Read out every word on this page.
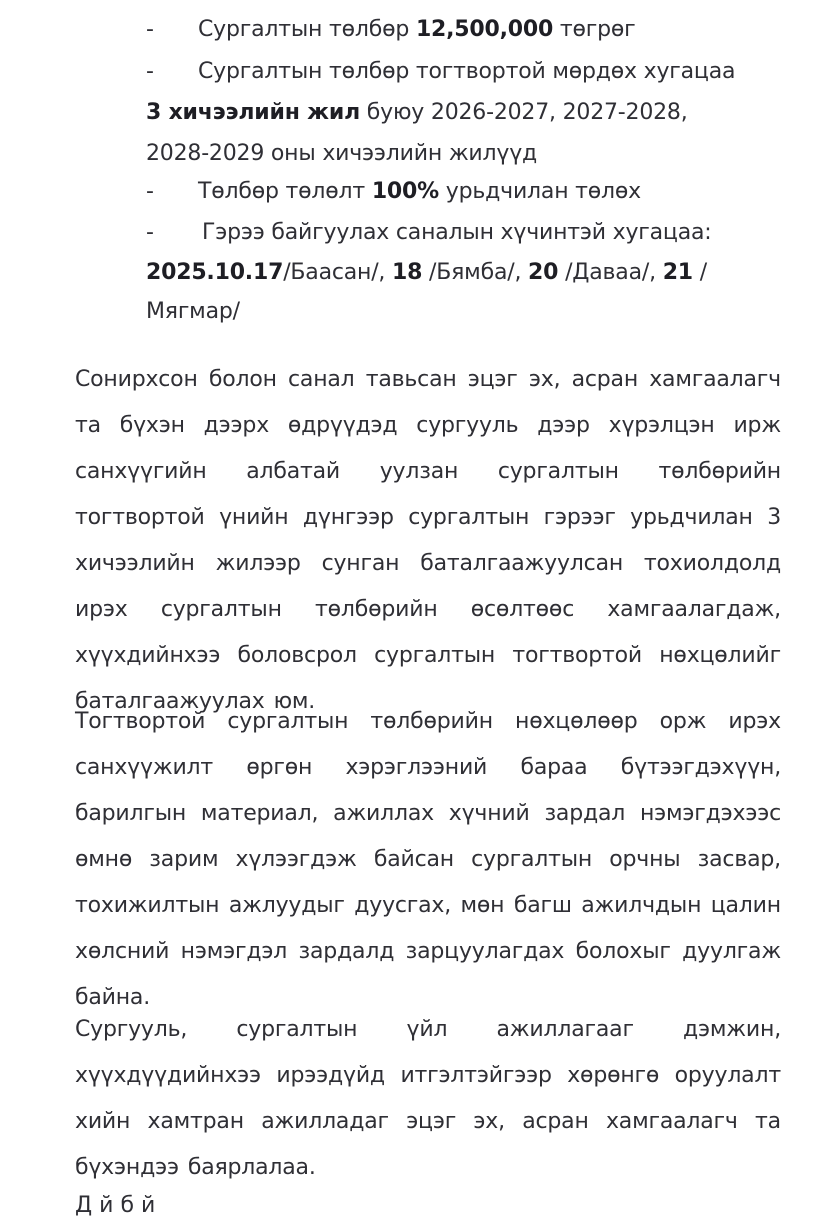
- Сургалтын төлбөр 12,500,000 төгрөг
- Сургалтын төлбөр тогтвортой мөрдөх хугацаа
3 хичээлийн жил буюу 2026-2027, 2027-2028,
2028-2029 оны хичээлийн жилүүд
- Төлбөр төлөлт 100% урьдчилан төлөх
- Гэрээ байгуулах саналын хүчинтэй хугацаа:
2025.10.17/Баасан/, 18 /Бямба/, 20 /Даваа/, 21 /
Мягмар/
Сонирхсон болон санал тавьсан эцэг эх, асран хамгаалагч
та бүхэн дээрх өдрүүдэд сургууль дээр хүрэлцэн ирж
санхүүгийн албатай уулзан сургалтын төлбөрийн
тогтвортой үнийн дүнгээр сургалтын гэрээг урьдчилан 3
хичээлийн жилээр сунган баталгаажуулсан тохиолдолд
ирэх сургалтын төлбөрийн өсөлтөөс хамгаалагдаж,
хүүхдийнхээ боловсрол сургалтын тогтвортой нөхцөлийг
баталгаажуулах юм.
Тогтвортой сургалтын төлбөрийн нөхцөлөөр орж ирэх
санхүүжилт өргөн хэрэглээний бараа бүтээгдэхүүн,
барилгын материал, ажиллах хүчний зардал нэмэгдэхээс
өмнө зарим хүлээгдэж байсан сургалтын орчны засвар,
тохижилтын ажлуудыг дуусгах, мөн багш ажилчдын цалин
хөлсний нэмэгдэл зардалд зарцуулагдах болохыг дуулгаж
байна.
Сургууль, сургалтын үйл ажиллагааг дэмжин,
хүүхдүүдийнхээ ирээдүйд итгэлтэйгээр хөрөнгө оруулалт
хийн хамтран ажилладаг эцэг эх, асран хамгаалагч та
бүхэндээ баярлалаа.
Д й б й
